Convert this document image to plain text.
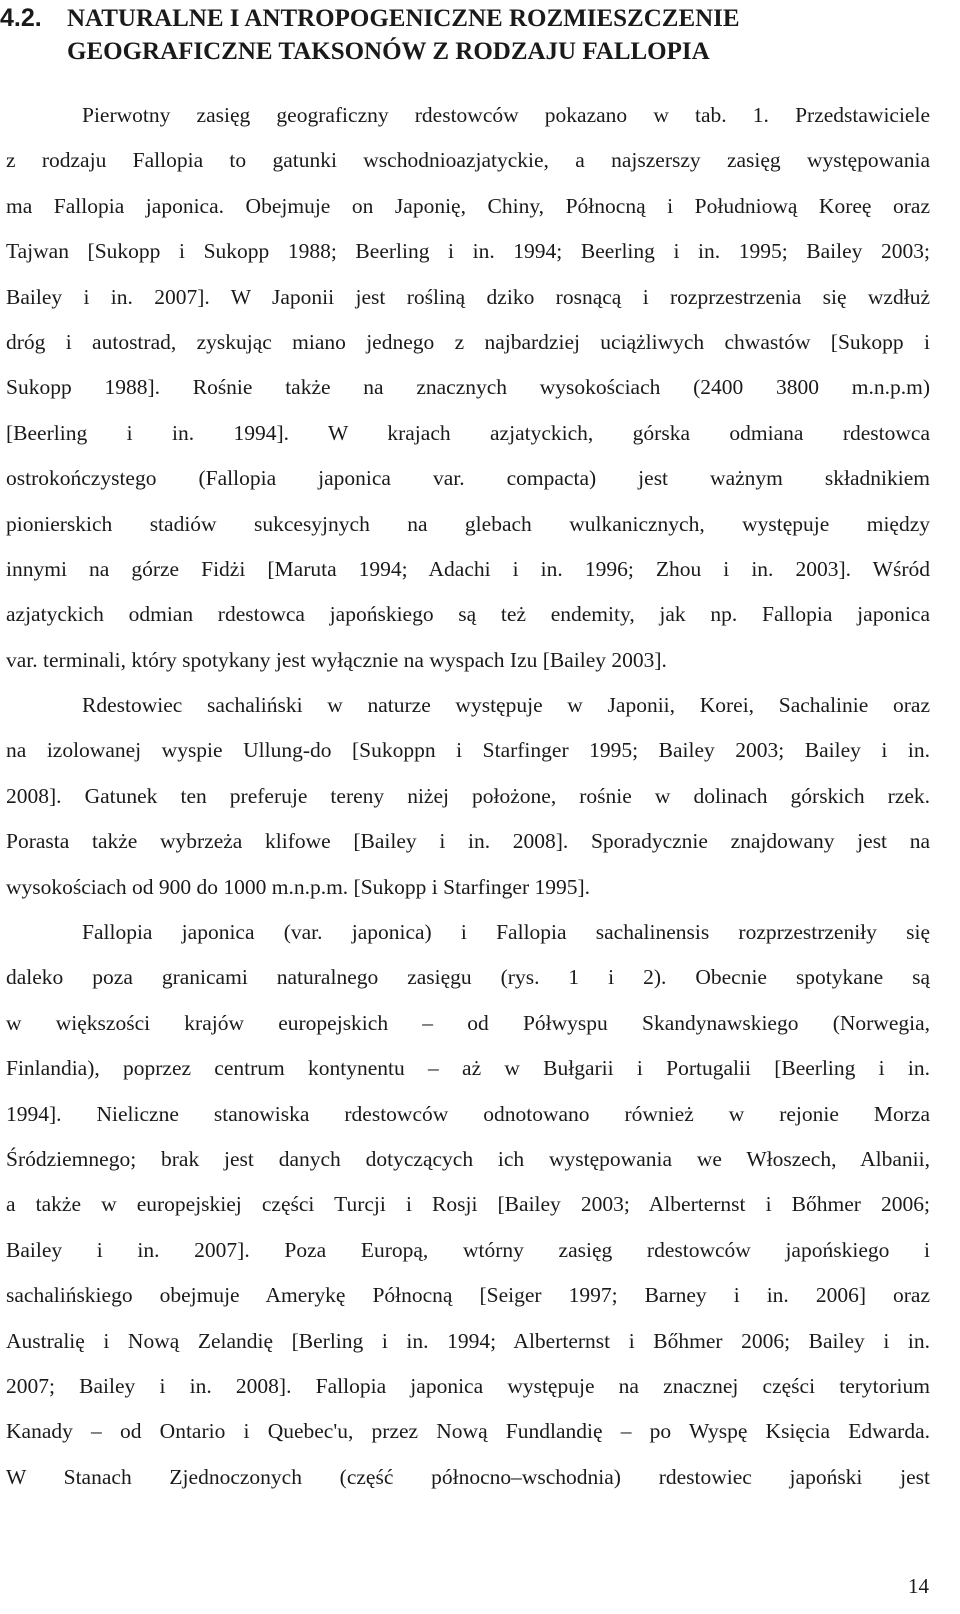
4.2. NATURALNE I ANTROPOGENICZNE ROZMIESZCZENIE GEOGRAFICZNE TAKSONÓW Z RODZAJU FALLOPIA
Pierwotny zasięg geograficzny rdestowców pokazano w tab. 1. Przedstawiciele
z rodzaju Fallopia to gatunki wschodnioazjatyckie, a najszerszy zasięg występowania
ma Fallopia japonica. Obejmuje on Japonię, Chiny, Północną i Południową Koreę oraz
Tajwan [Sukopp i Sukopp 1988; Beerling i in. 1994; Beerling i in. 1995; Bailey 2003;
Bailey i in. 2007]. W Japonii jest rośliną dziko rosnącą i rozprzestrzenia się wzdłuż
dróg i autostrad, zyskując miano jednego z najbardziej uciążliwych chwastów [Sukopp i
Sukopp 1988]. Rośnie także na znacznych wysokościach (2400 3800 m.n.p.m)
[Beerling i in. 1994]. W krajach azjatyckich, górska odmiana rdestowca
ostrokończystego (Fallopia japonica var. compacta) jest ważnym składnikiem
pionierskich stadiów sukcesyjnych na glebach wulkanicznych, występuje między
innymi na górze Fidżi [Maruta 1994; Adachi i in. 1996; Zhou i in. 2003]. Wśród
azjatyckich odmian rdestowca japońskiego są też endemity, jak np. Fallopia japonica
var. terminali, który spotykany jest wyłącznie na wyspach Izu [Bailey 2003].
Rdestowiec sachaliński w naturze występuje w Japonii, Korei, Sachalinie oraz
na izolowanej wyspie Ullung-do [Sukoppn i Starfinger 1995; Bailey 2003; Bailey i in.
2008]. Gatunek ten preferuje tereny niżej położone, rośnie w dolinach górskich rzek.
Porasta także wybrzeża klifowe [Bailey i in. 2008]. Sporadycznie znajdowany jest na
wysokościach od 900 do 1000 m.n.p.m. [Sukopp i Starfinger 1995].
Fallopia japonica (var. japonica) i Fallopia sachalinensis rozprzestrzeniły się
daleko poza granicami naturalnego zasięgu (rys. 1 i 2). Obecnie spotykane są
w większości krajów europejskich – od Półwyspu Skandynawskiego (Norwegia,
Finlandia), poprzez centrum kontynentu – aż w Bułgarii i Portugalii [Beerling i in.
1994]. Nieliczne stanowiska rdestowców odnotowano również w rejonie Morza
Śródziemnego; brak jest danych dotyczących ich występowania we Włoszech, Albanii,
a także w europejskiej części Turcji i Rosji [Bailey 2003; Alberternst i Bőhmer 2006;
Bailey i in. 2007]. Poza Europą, wtórny zasięg rdestowców japońskiego i
sachalińskiego obejmuje Amerykę Północną [Seiger 1997; Barney i in. 2006] oraz
Australię i Nową Zelandię [Berling i in. 1994; Alberternst i Bőhmer 2006; Bailey i in.
2007; Bailey i in. 2008]. Fallopia japonica występuje na znacznej części terytorium
Kanady – od Ontario i Quebec'u, przez Nową Fundlandię – po Wyspę Księcia Edwarda.
W Stanach Zjednoczonych (część północno–wschodnia) rdestowiec japoński jest
14
